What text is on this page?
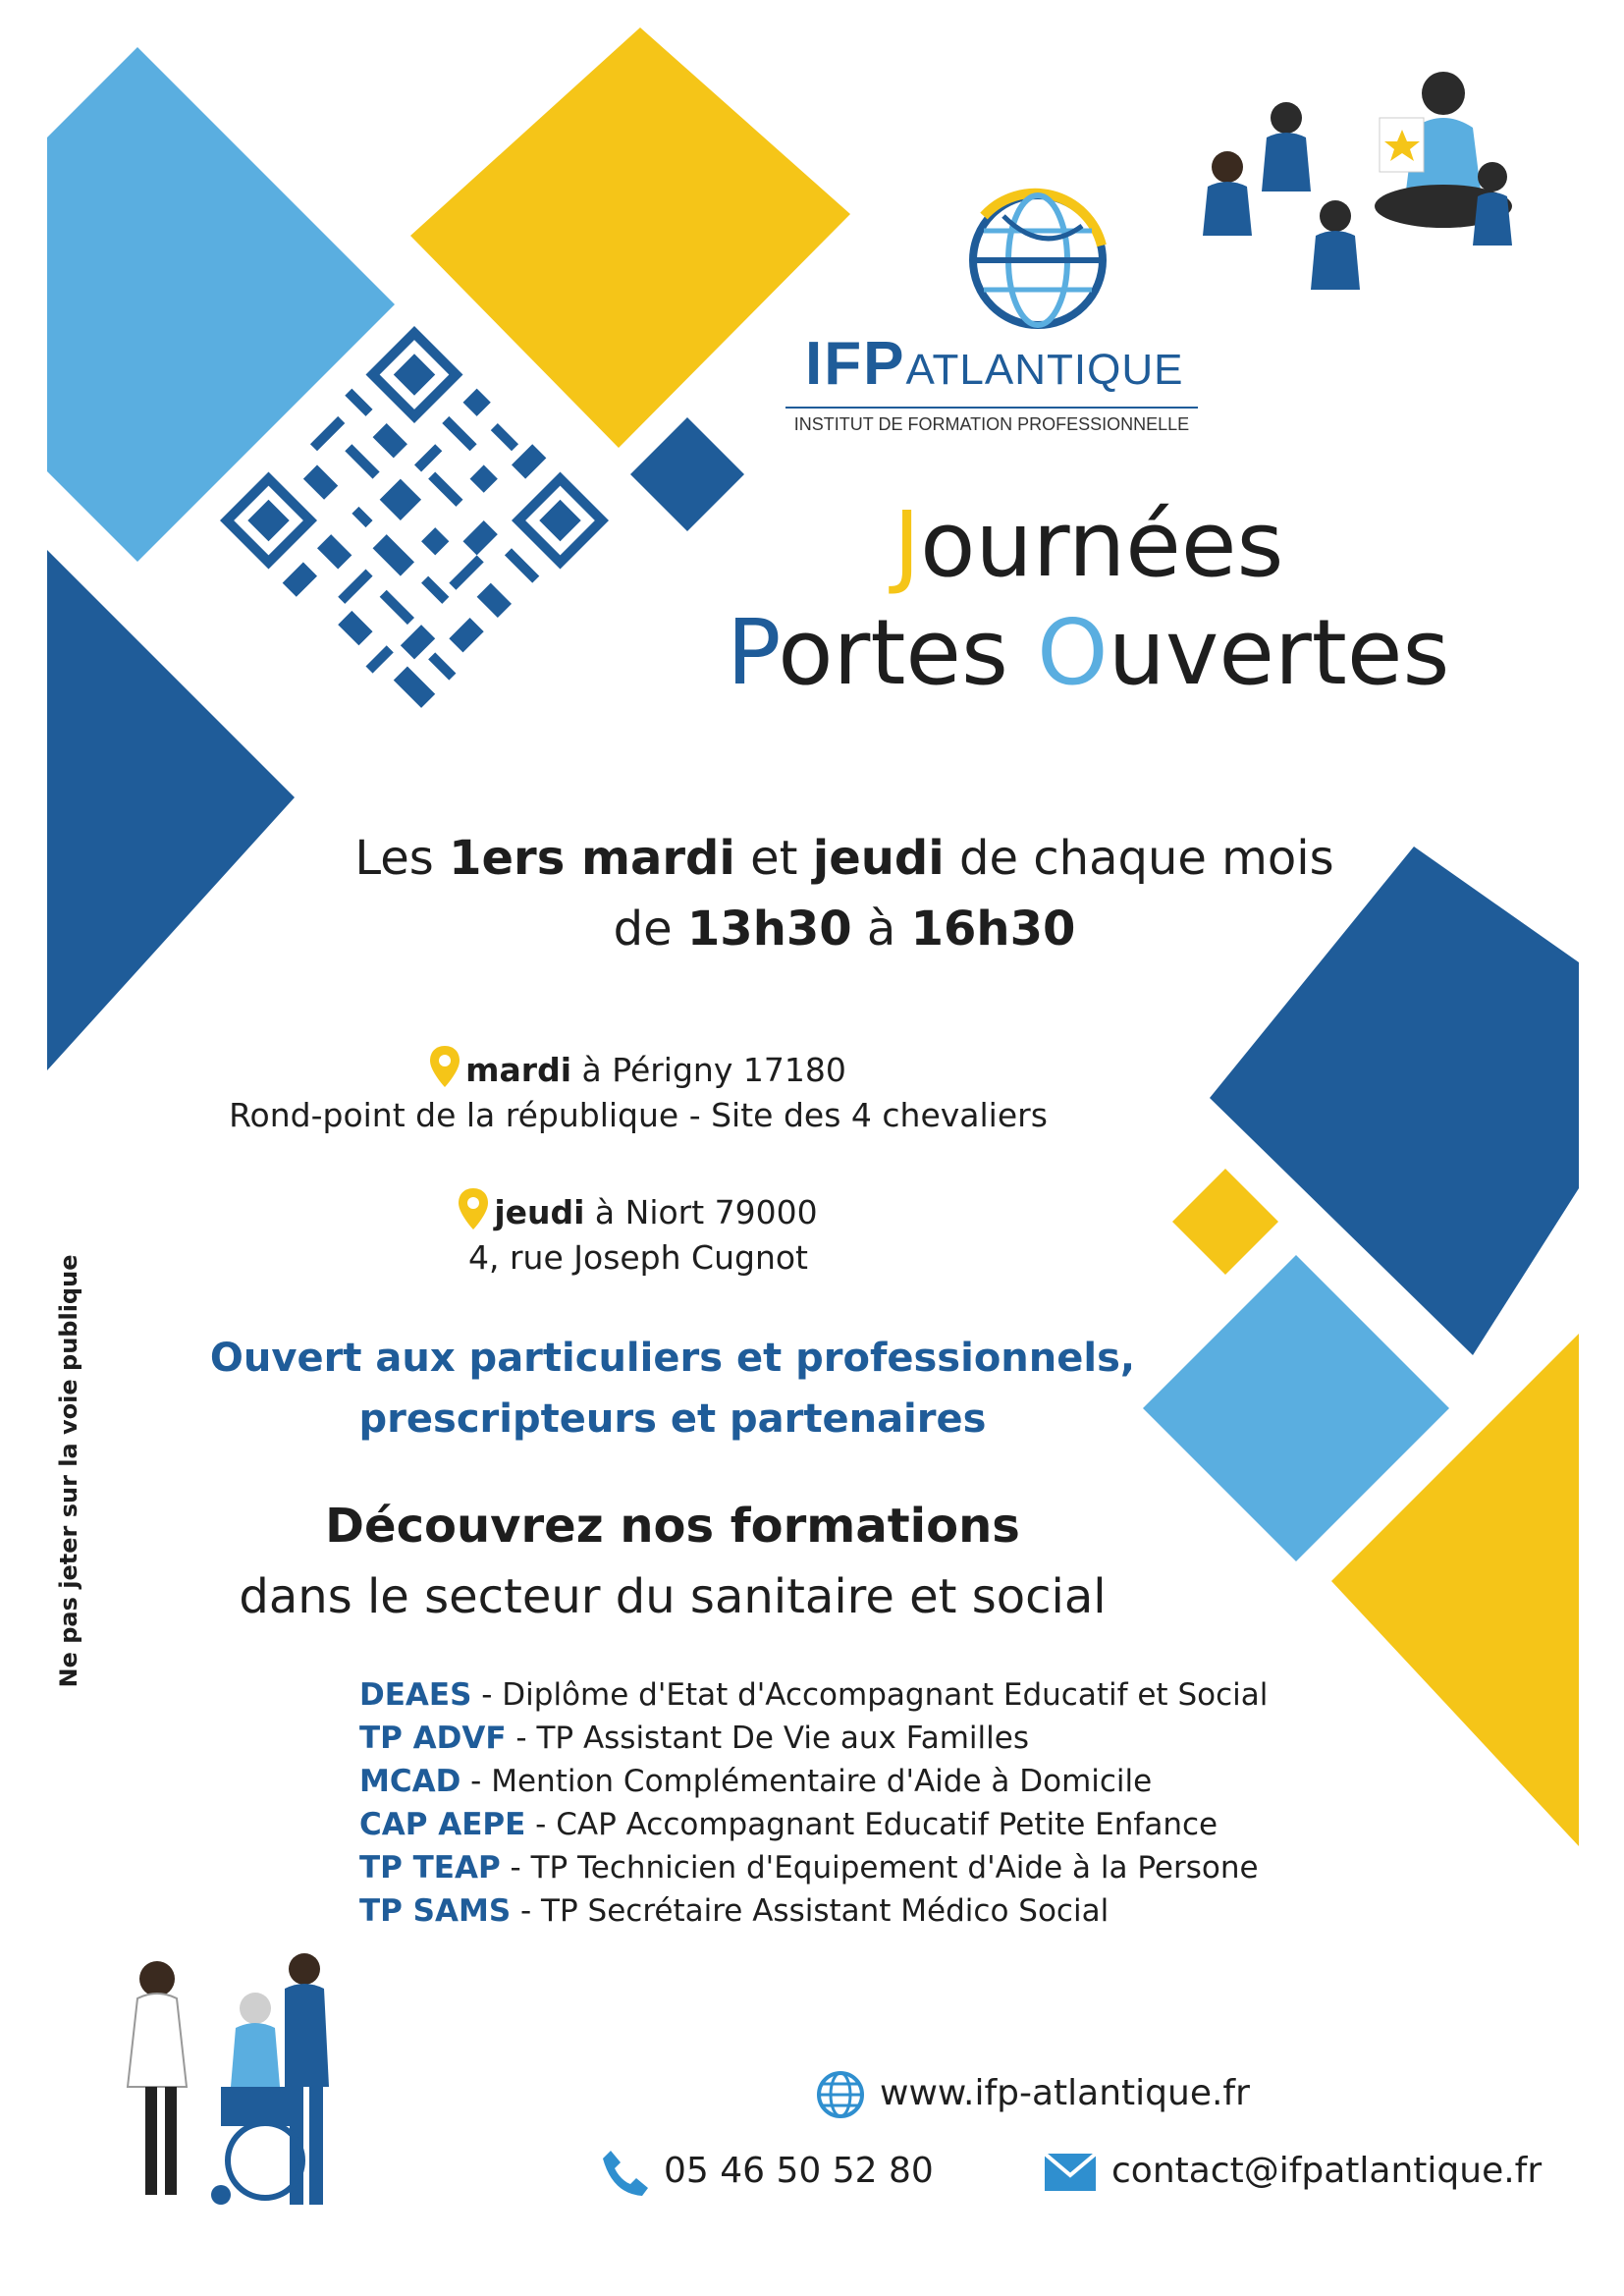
IFPATLANTIQUE
INSTITUT DE FORMATION PROFESSIONNELLE
Journées
Portes Ouvertes
Les 1ers mardi et jeudi de chaque mois
de 13h30 à 16h30
mardi à Périgny 17180
Rond-point de la république - Site des 4 chevaliers
jeudi à Niort 79000
4, rue Joseph Cugnot
Ouvert aux particuliers et professionnels,
prescripteurs et partenaires
Découvrez nos formations
dans le secteur du sanitaire et social
DEAES - Diplôme d'Etat d'Accompagnant Educatif et Social
TP ADVF - TP Assistant De Vie aux Familles
MCAD - Mention Complémentaire d'Aide à Domicile
CAP AEPE - CAP Accompagnant Educatif Petite Enfance
TP TEAP - TP Technicien d'Equipement d'Aide à la Persone
TP SAMS - TP Secrétaire Assistant Médico Social
Ne pas jeter sur la voie publique
www.ifp-atlantique.fr
05 46 50 52 80	contact@ifpatlantique.fr
